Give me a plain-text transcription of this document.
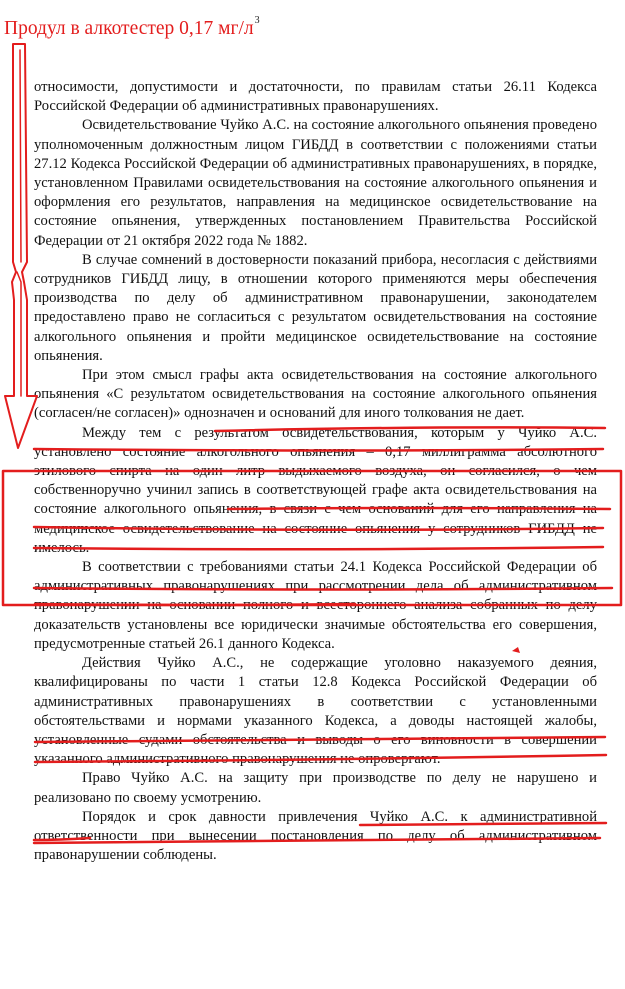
Продул в алкотестер 0,17 $мг/л^3$

относимости, допустимости и достаточности, по правилам статьи 26.11 Кодекса Российской Федерации об административных правонарушениях.

Освидетельствование Чуйко А.С. на состояние алкогольного опьянения проведено уполномоченным должностным лицом ГИБДД в соответствии с положениями статьи 27.12 Кодекса Российской Федерации об административных правонарушениях, в порядке, установленном Правилами освидетельствования на состояние алкогольного опьянения и оформления его результатов, направления на медицинское освидетельствование на состояние опьянения, утвержденных постановлением Правительства Российской Федерации от 21 октября 2022 года № 1882.

В случае сомнений в достоверности показаний прибора, несогласия с действиями сотрудников ГИБДД лицу, в отношении которого применяются меры обеспечения производства по делу об административном правонарушении, законодателем предоставлено право не согласиться с результатом освидетельствования на состояние алкогольного опьянения и пройти медицинское освидетельствование на состояние опьянения.

При этом смысл графы акта освидетельствования на состояние алкогольного опьянения «С результатом освидетельствования на состояние алкогольного опьянения (согласен/не согласен)» однозначен и оснований для иного толкования не дает.

Между тем с результатом освидетельствования, которым у Чуйко А.С. установлено состояние алкогольного опьянения – 0,17 миллиграмма абсолютного этилового спирта на один литр выдыхаемого воздуха, он согласился, о чем собственноручно учинил запись в соответствующей графе акта освидетельствования на состояние алкогольного опьянения, в связи с чем оснований для его направления на медицинское освидетельствование на состояние опьянения у сотрудников ГИБДД не имелось.

В соответствии с требованиями статьи 24.1 Кодекса Российской Федерации об административных правонарушениях при рассмотрении дела об административном правонарушении на основании полного и всестороннего анализа собранных по делу доказательств установлены все юридически значимые обстоятельства его совершения, предусмотренные статьей 26.1 данного Кодекса.

Действия Чуйко А.С., не содержащие уголовно наказуемого деяния, квалифицированы по части 1 статьи 12.8 Кодекса Российской Федерации об административных правонарушениях в соответствии с установленными обстоятельствами и нормами указанного Кодекса, а доводы настоящей жалобы, установленные судами обстоятельства и выводы о его виновности в совершении указанного административного правонарушения не опровергают.

Право Чуйко А.С. на защиту при производстве по делу не нарушено и реализовано по своему усмотрению.

Порядок и срок давности привлечения Чуйко А.С. к административной ответственности при вынесении постановления по делу об административном правонарушении соблюдены.
